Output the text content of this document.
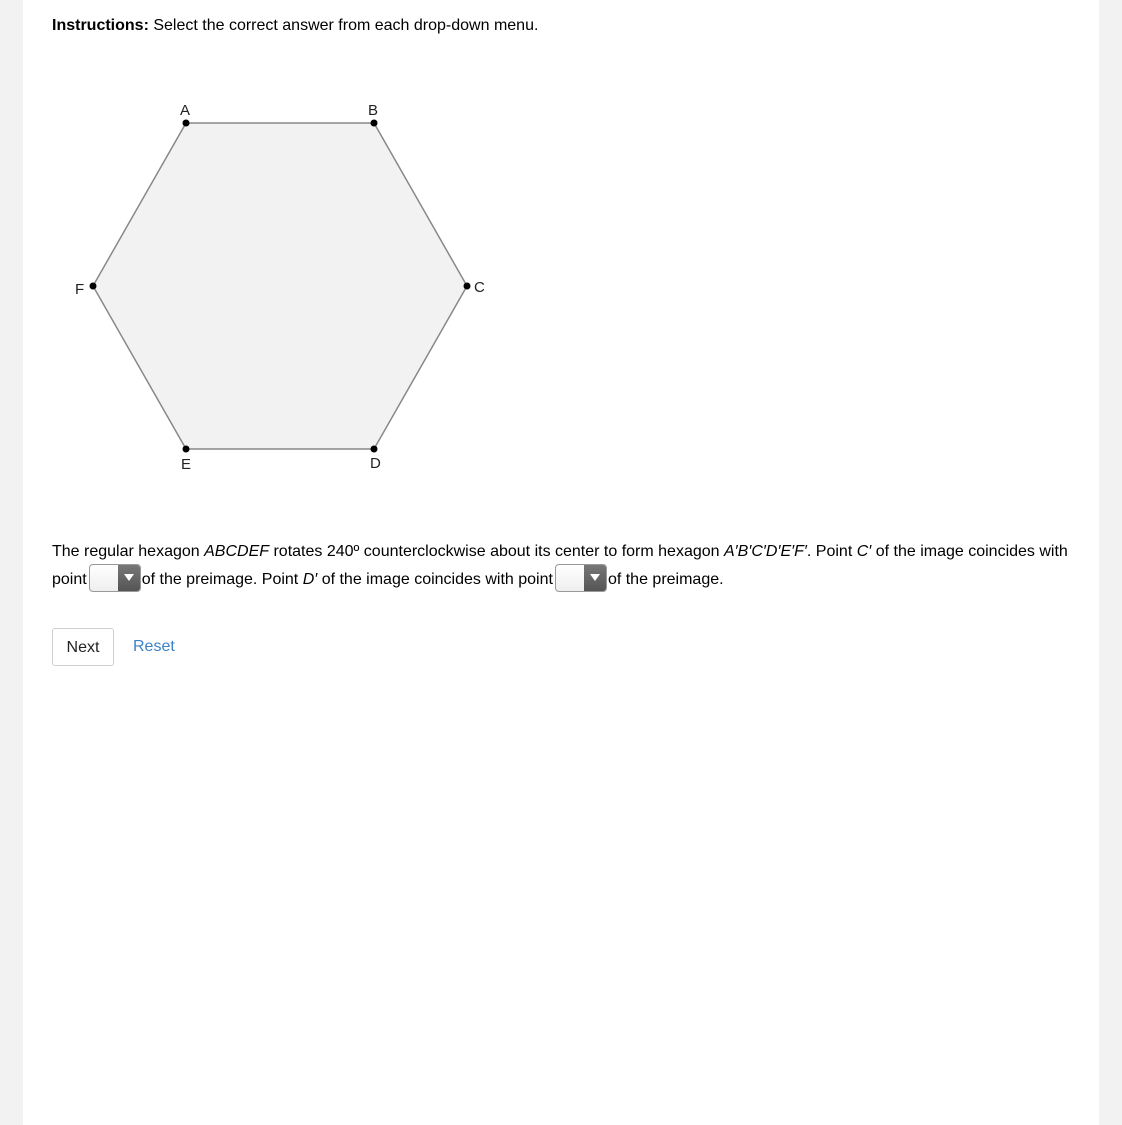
Instructions: Select the correct answer from each drop-down menu.
A	B
C
D
E
F
The regular hexagon ABCDEF rotates 240º counterclockwise about its center to form hexagon A′B′C′D′E′F′. Point C′ of the image coincides with point	of the preimage. Point D′ of the image coincides with point	of the preimage.
Next Reset
